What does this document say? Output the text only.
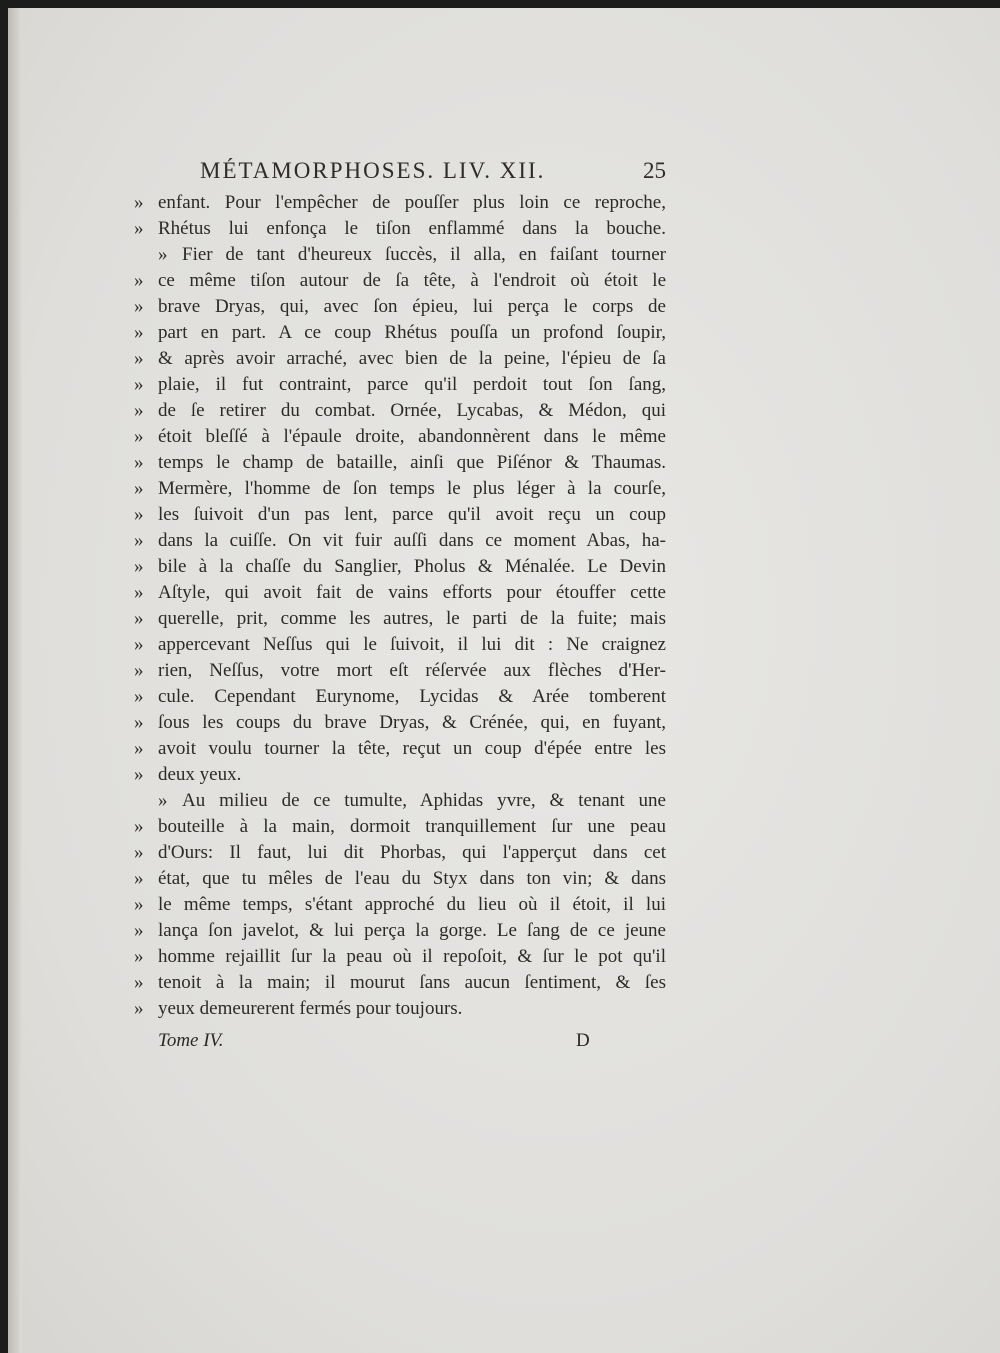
MÉTAMORPHOSES. LIV. XII.	25
» enfant. Pour l'empêcher de pouſſer plus loin ce reproche,
» Rhétus lui enfonça le tiſon enflammé dans la bouche.
» Fier de tant d'heureux ſuccès, il alla, en faiſant tourner
» ce même tiſon autour de ſa tête, à l'endroit où étoit le
» brave Dryas, qui, avec ſon épieu, lui perça le corps de
» part en part. A ce coup Rhétus pouſſa un profond ſoupir,
» & après avoir arraché, avec bien de la peine, l'épieu de ſa
» plaie, il fut contraint, parce qu'il perdoit tout ſon ſang,
» de ſe retirer du combat. Ornée, Lycabas, & Médon, qui
» étoit bleſſé à l'épaule droite, abandonnèrent dans le même
» temps le champ de bataille, ainſi que Piſénor & Thaumas.
» Mermère, l'homme de ſon temps le plus léger à la courſe,
» les ſuivoit d'un pas lent, parce qu'il avoit reçu un coup
» dans la cuiſſe. On vit fuir auſſi dans ce moment Abas, ha-
» bile à la chaſſe du Sanglier, Pholus & Ménalée. Le Devin
» Aſtyle, qui avoit fait de vains efforts pour étouffer cette
» querelle, prit, comme les autres, le parti de la fuite; mais
» appercevant Neſſus qui le ſuivoit, il lui dit : Ne craignez
» rien, Neſſus, votre mort eſt réſervée aux flèches d'Her-
» cule. Cependant Eurynome, Lycidas & Arée tomberent
» ſous les coups du brave Dryas, & Crénée, qui, en fuyant,
» avoit voulu tourner la tête, reçut un coup d'épée entre les
» deux yeux.
» Au milieu de ce tumulte, Aphidas yvre, & tenant une
» bouteille à la main, dormoit tranquillement ſur une peau
» d'Ours: Il faut, lui dit Phorbas, qui l'apperçut dans cet
» état, que tu mêles de l'eau du Styx dans ton vin; & dans
» le même temps, s'étant approché du lieu où il étoit, il lui
» lança ſon javelot, & lui perça la gorge. Le ſang de ce jeune
» homme rejaillit ſur la peau où il repoſoit, & ſur le pot qu'il
» tenoit à la main; il mourut ſans aucun ſentiment, & ſes
» yeux demeurerent fermés pour toujours.
Tome IV.	D
